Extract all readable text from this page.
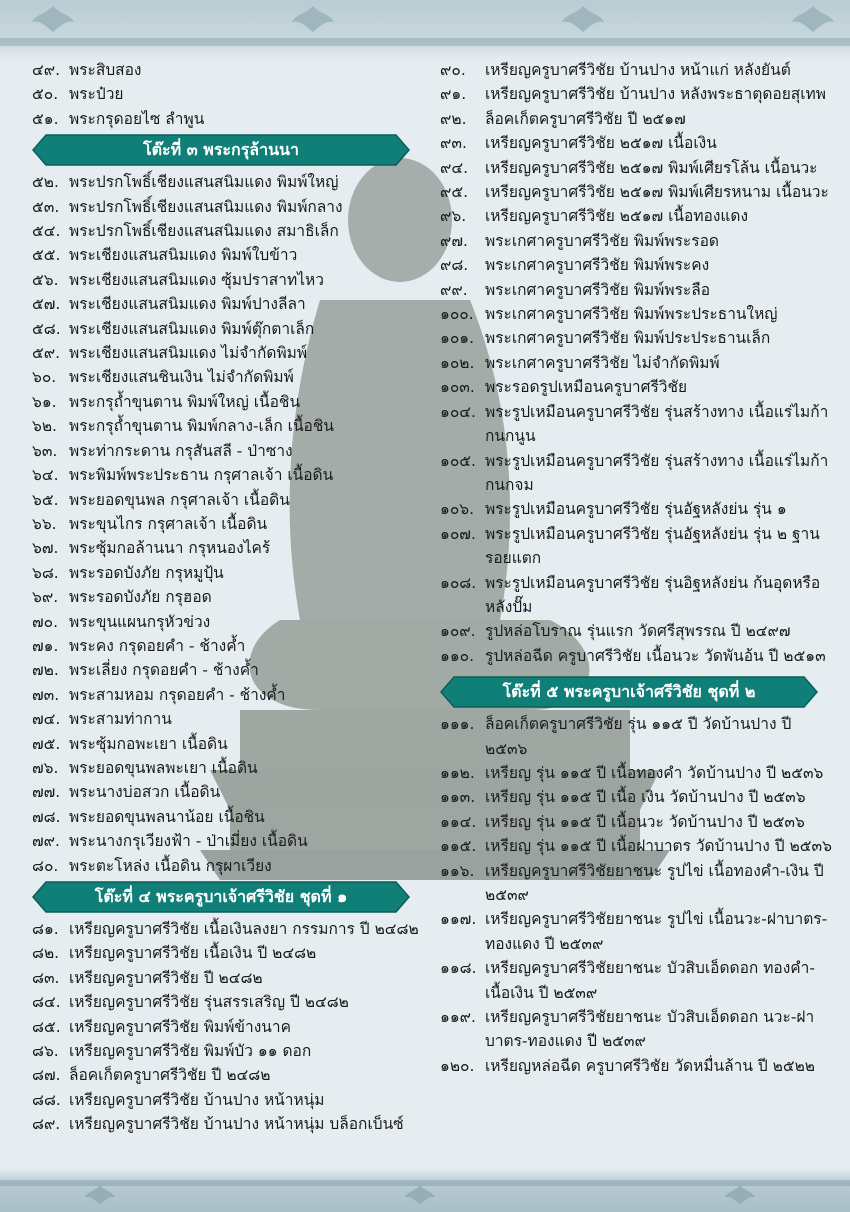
๔๙. พระสิบสอง
๕๐. พระป๋วย
๕๑. พระกรุดอยไซ ลำพูน
โต๊ะที่ ๓ พระกรุล้านนา
๕๒. พระปรกโพธิ์เชียงแสนสนิมแดง พิมพ์ใหญ่
๕๓. พระปรกโพธิ์เชียงแสนสนิมแดง พิมพ์กลาง
๕๔. พระปรกโพธิ์เชียงแสนสนิมแดง สมาธิเล็ก
๕๕. พระเชียงแสนสนิมแดง พิมพ์ใบข้าว
๕๖. พระเชียงแสนสนิมแดง ซุ้มปราสาทไหว
๕๗. พระเชียงแสนสนิมแดง พิมพ์ปางลีลา
๕๘. พระเชียงแสนสนิมแดง พิมพ์ตุ๊กตาเล็ก
๕๙. พระเชียงแสนสนิมแดง ไม่จำกัดพิมพ์
๖๐. พระเชียงแสนชินเงิน ไม่จำกัดพิมพ์
๖๑. พระกรุถ้ำขุนตาน พิมพ์ใหญ่ เนื้อชิน
๖๒. พระกรุถ้ำขุนตาน พิมพ์กลาง-เล็ก เนื้อชิน
๖๓. พระท่ากระดาน กรุสันสลี - ป่าซาง
๖๔. พระพิมพ์พระประธาน กรุศาลเจ้า เนื้อดิน
๖๕. พระยอดขุนพล กรุศาลเจ้า เนื้อดิน
๖๖. พระขุนไกร กรุศาลเจ้า เนื้อดิน
๖๗. พระซุ้มกอล้านนา กรุหนองไคร้
๖๘. พระรอดบังภัย กรุหมูปุ้น
๖๙. พระรอดบังภัย กรุฮอด
๗๐. พระขุนแผนกรุหัวข่วง
๗๑. พระคง กรุดอยคำ - ช้างค้ำ
๗๒. พระเลี่ยง กรุดอยคำ - ช้างค้ำ
๗๓. พระสามหอม กรุดอยคำ - ช้างค้ำ
๗๔. พระสามท่ากาน
๗๕. พระซุ้มกอพะเยา เนื้อดิน
๗๖. พระยอดขุนพลพะเยา เนื้อดิน
๗๗. พระนางบ่อสวก เนื้อดิน
๗๘. พระยอดขุนพลนาน้อย เนื้อชิน
๗๙. พระนางกรุเวียงฟ้า - ป่าเมี่ยง เนื้อดิน
๘๐. พระตะโหล่ง เนื้อดิน กรุผาเวียง
โต๊ะที่ ๔ พระครูบาเจ้าศรีวิชัย ชุดที่ ๑
๘๑. เหรียญครูบาศรีวิชัย เนื้อเงินลงยา กรรมการ ปี ๒๔๘๒
๘๒. เหรียญครูบาศรีวิชัย เนื้อเงิน ปี ๒๔๘๒
๘๓. เหรียญครูบาศรีวิชัย ปี ๒๔๘๒
๘๔. เหรียญครูบาศรีวิชัย รุ่นสรรเสริญ ปี ๒๔๘๒
๘๕. เหรียญครูบาศรีวิชัย พิมพ์ข้างนาค
๘๖. เหรียญครูบาศรีวิชัย พิมพ์บัว ๑๑ ดอก
๘๗. ล็อคเก็ตครูบาศรีวิชัย ปี ๒๔๘๒
๘๘. เหรียญครูบาศรีวิชัย บ้านปาง หน้าหนุ่ม
๘๙. เหรียญครูบาศรีวิชัย บ้านปาง หน้าหนุ่ม บล็อกเบ็นซ์
๙๐. เหรียญครูบาศรีวิชัย บ้านปาง หน้าแก่ หลังยันต์
๙๑. เหรียญครูบาศรีวิชัย บ้านปาง หลังพระธาตุดอยสุเทพ
๙๒. ล็อคเก็ตครูบาศรีวิชัย ปี ๒๕๑๗
๙๓. เหรียญครูบาศรีวิชัย ๒๕๑๗ เนื้อเงิน
๙๔. เหรียญครูบาศรีวิชัย ๒๕๑๗ พิมพ์เศียรโล้น เนื้อนวะ
๙๕. เหรียญครูบาศรีวิชัย ๒๕๑๗ พิมพ์เศียรหนาม เนื้อนวะ
๙๖. เหรียญครูบาศรีวิชัย ๒๕๑๗ เนื้อทองแดง
๙๗. พระเกศาครูบาศรีวิชัย พิมพ์พระรอด
๙๘. พระเกศาครูบาศรีวิชัย พิมพ์พระคง
๙๙. พระเกศาครูบาศรีวิชัย พิมพ์พระลือ
๑๐๐. พระเกศาครูบาศรีวิชัย พิมพ์พระประธานใหญ่
๑๐๑. พระเกศาครูบาศรีวิชัย พิมพ์ประประธานเล็ก
๑๐๒. พระเกศาครูบาศรีวิชัย ไม่จำกัดพิมพ์
๑๐๓. พระรอดรูปเหมือนครูบาศรีวิชัย
๑๐๔. พระรูปเหมือนครูบาศรีวิชัย รุ่นสร้างทาง เนื้อแร่ไมก้ากนกนูน
๑๐๕. พระรูปเหมือนครูบาศรีวิชัย รุ่นสร้างทาง เนื้อแร่ไมก้ากนกจม
๑๐๖. พระรูปเหมือนครูบาศรีวิชัย รุ่นอัฐหลังย่น รุ่น ๑
๑๐๗. พระรูปเหมือนครูบาศรีวิชัย รุ่นอัฐหลังย่น รุ่น ๒ ฐานรอยแตก
๑๐๘. พระรูปเหมือนครูบาศรีวิชัย รุ่นอิฐหลังย่น ก้นอุดหรือหลังปั๊ม
๑๐๙. รูปหล่อโบราณ รุ่นแรก วัดศรีสุพรรณ ปี ๒๔๙๗
๑๑๐. รูปหล่อฉีด ครูบาศรีวิชัย เนื้อนวะ วัดพันอ้น ปี ๒๕๑๓
โต๊ะที่ ๕ พระครูบาเจ้าศรีวิชัย ชุดที่ ๒
๑๑๑. ล็อคเก็ตครูบาศรีวิชัย รุ่น ๑๑๕ ปี วัดบ้านปาง ปี ๒๕๓๖
๑๑๒. เหรียญ รุ่น ๑๑๕ ปี เนื้อทองคำ วัดบ้านปาง ปี ๒๕๓๖
๑๑๓. เหรียญ รุ่น ๑๑๕ ปี เนื้อ เงิน วัดบ้านปาง ปี ๒๕๓๖
๑๑๔. เหรียญ รุ่น ๑๑๕ ปี เนื้อนวะ วัดบ้านปาง ปี ๒๕๓๖
๑๑๕. เหรียญ รุ่น ๑๑๕ ปี เนื้อฝาบาตร วัดบ้านปาง ปี ๒๕๓๖
๑๑๖. เหรียญครูบาศรีวิชัยยาชนะ รูปไข่ เนื้อทองคำ-เงิน ปี ๒๕๓๙
๑๑๗. เหรียญครูบาศรีวิชัยยาชนะ รูปไข่ เนื้อนวะ-ฝาบาตร-ทองแดง ปี ๒๕๓๙
๑๑๘. เหรียญครูบาศรีวิชัยยาชนะ บัวสิบเอ็ดดอก ทองคำ-เนื้อเงิน ปี ๒๕๓๙
๑๑๙. เหรียญครูบาศรีวิชัยยาชนะ บัวสิบเอ็ดดอก นวะ-ฝาบาตร-ทองแดง ปี ๒๕๓๙
๑๒๐. เหรียญหล่อฉีด ครูบาศรีวิชัย วัดหมื่นล้าน ปี ๒๕๒๒
